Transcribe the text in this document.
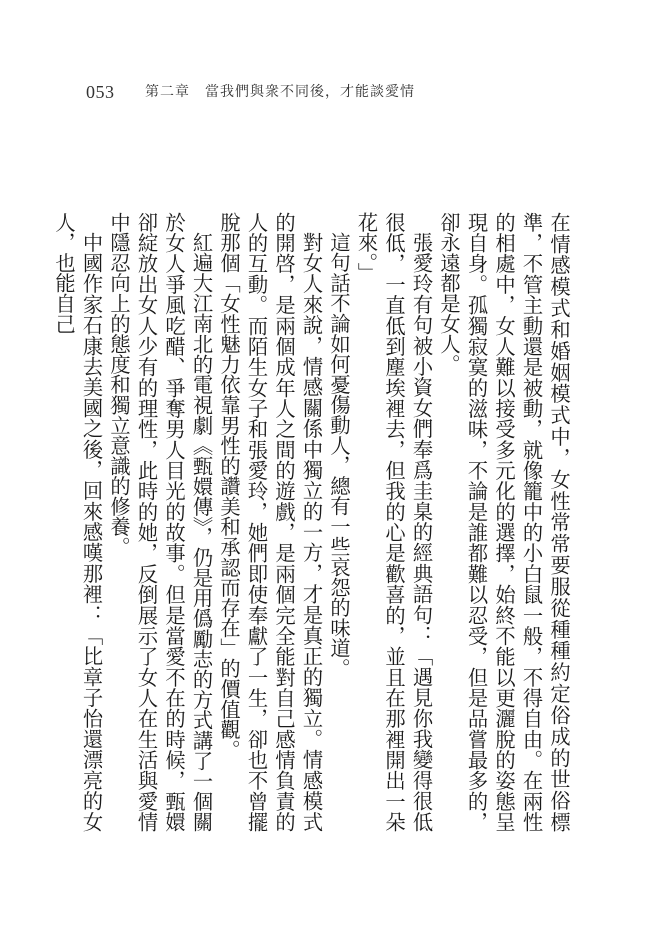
053 第二章　當我們與衆不同後，才能談愛情

在情感模式和婚姻模式中，女性常常要服從種種約定俗成的世俗標準，不管主動還是被動，就像籠中的小白鼠一般，不得自由。在兩性的相處中，女人難以接受多元化的選擇，始終不能以更灑脫的姿態呈現自身。孤獨寂寞的滋味，不論是誰都難以忍受，但是品嘗最多的，卻永遠都是女人。

張愛玲有句被小資女們奉爲圭臬的經典語句：「遇見你我變得很低很低，一直低到塵埃裡去，但我的心是歡喜的，並且在那裡開出一朵花來。」

這句話不論如何憂傷動人，總有一些哀怨的味道。

對女人來說，情感關係中獨立的一方，才是真正的獨立。情感模式的開啓，是兩個成年人之間的遊戲，是兩個完全能對自己感情負責的人的互動。而陌生女子和張愛玲，她們即使奉獻了一生，卻也不曾擺脫那個「女性魅力依靠男性的讚美和承認而存在」的價值觀。

紅遍大江南北的電視劇《甄嬛傳》，仍是用僞勵志的方式講了一個關於女人爭風吃醋、爭奪男人目光的故事。但是當愛不在的時候，甄嬛卻綻放出女人少有的理性，此時的她，反倒展示了女人在生活與愛情中隱忍向上的態度和獨立意識的修養。

中國作家石康去美國之後，回來感嘆那裡：「比章子怡還漂亮的女人，也能自己
